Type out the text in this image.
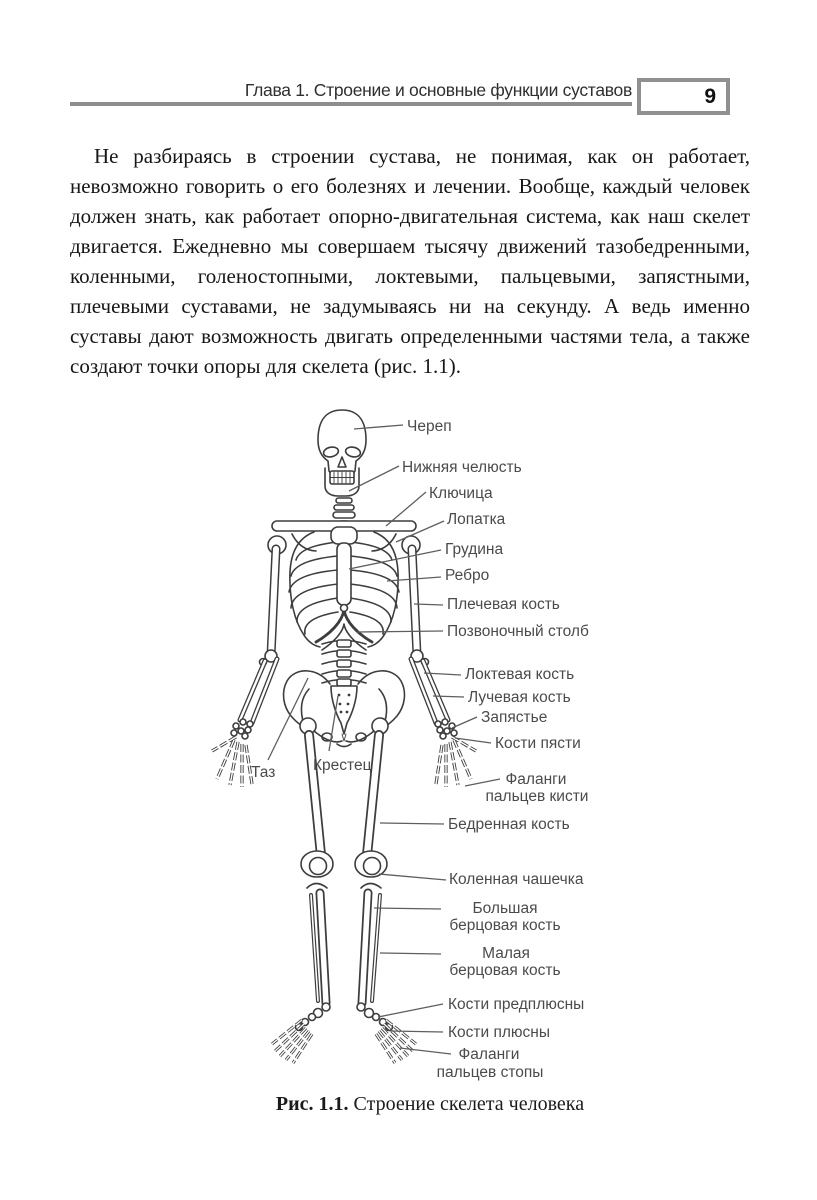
Глава 1. Строение и основные функции суставов	9

Не разбираясь в строении сустава, не понимая, как он работает, невозможно говорить о его болезнях и лечении. Вообще, каждый человек должен знать, как работает опорно-двигательная система, как наш скелет двигается. Ежедневно мы совершаем тысячу движений тазобедренными, коленными, голеностопными, локтевыми, пальцевыми, запястными, плечевыми суставами, не задумываясь ни на секунду. А ведь именно суставы дают возможность двигать определенными частями тела, а также создают точки опоры для скелета (рис. 1.1).

Череп
Нижняя челюсть
Ключица
Лопатка
Грудина
Ребро
Плечевая кость
Позвоночный столб
Локтевая кость
Лучевая кость
Запястье
Кости пясти
Фаланги
пальцев кисти
Таз Крестец
Бедренная кость
Коленная чашечка
Большая
берцовая кость
Малая
берцовая кость
Кости предплюсны
Кости плюсны
Фаланги
пальцев стопы
Рис. 1.1. Строение скелета человека
